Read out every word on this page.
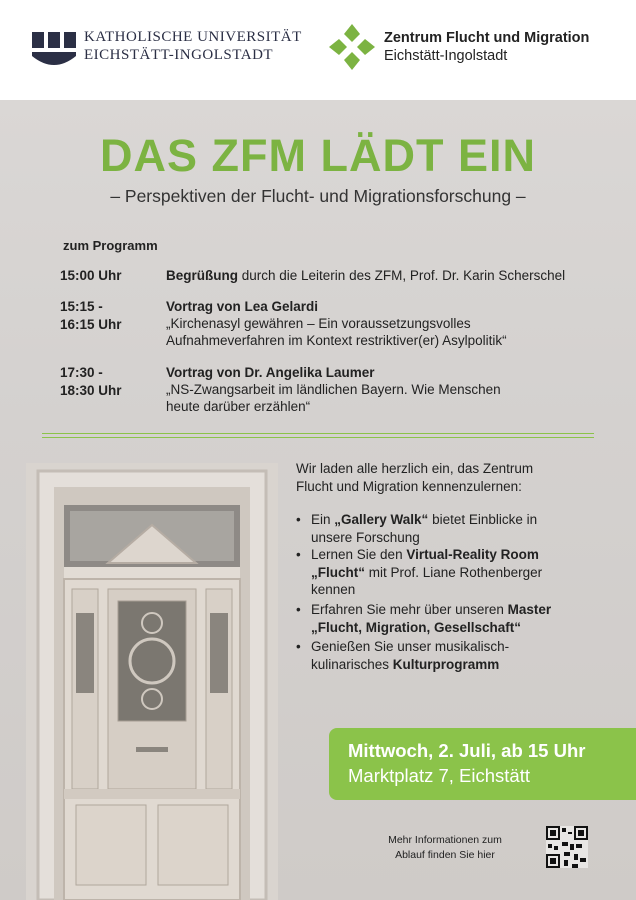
KATHOLISCHE UNIVERSITÄT
EICHSTÄTT-INGOLSTADT
Zentrum Flucht und Migration
Eichstätt-Ingolstadt
DAS ZFM LÄDT EIN
– Perspektiven der Flucht- und Migrationsforschung –
zum Programm
15:00 Uhr	Begrüßung durch die Leiterin des ZFM, Prof. Dr. Karin Scherschel
15:15 -
16:15 Uhr
Vortrag von Lea Gelardi
„Kirchenasyl gewähren – Ein voraussetzungsvolles
Aufnahmeverfahren im Kontext restriktiver(er) Asylpolitik“
17:30 -
18:30 Uhr
Vortrag von Dr. Angelika Laumer
„NS-Zwangsarbeit im ländlichen Bayern. Wie Menschen
heute darüber erzählen“
Wir laden alle herzlich ein, das Zentrum
Flucht und Migration kennenzulernen:
• Ein „Gallery Walk“ bietet Einblicke in
unsere Forschung
• Lernen Sie den Virtual-Reality Room
„Flucht“ mit Prof. Liane Rothenberger
kennen
• Erfahren Sie mehr über unseren Master
„Flucht, Migration, Gesellschaft“
• Genießen Sie unser musikalisch-
kulinarisches Kulturprogramm
Mittwoch, 2. Juli, ab 15 Uhr
Marktplatz 7, Eichstätt
Mehr Informationen zum
Ablauf finden Sie hier
